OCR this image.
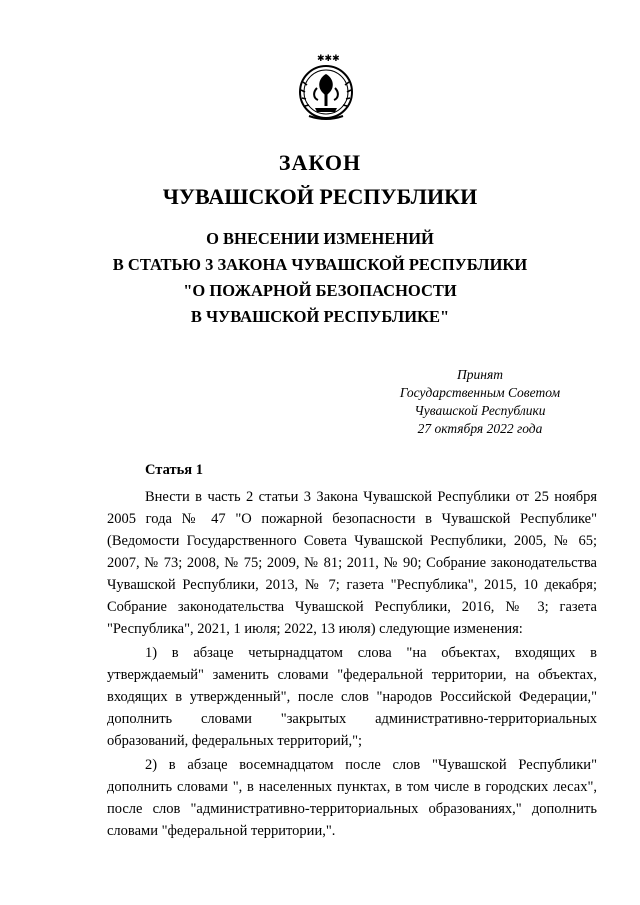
✱✱✱
ЗАКОН
ЧУВАШСКОЙ РЕСПУБЛИКИ
О ВНЕСЕНИИ ИЗМЕНЕНИЙ
В СТАТЬЮ 3 ЗАКОНА ЧУВАШСКОЙ РЕСПУБЛИКИ
"О ПОЖАРНОЙ БЕЗОПАСНОСТИ
В ЧУВАШСКОЙ РЕСПУБЛИКЕ"
Принят
Государственным Советом
Чувашской Республики
27 октября 2022 года
Статья 1

Внести в часть 2 статьи 3 Закона Чувашской Республики от 25 ноября 2005 года № 47 "О пожарной безопасности в Чувашской Республике" (Ведомости Государственного Совета Чувашской Республики, 2005, № 65; 2007, № 73; 2008, № 75; 2009, № 81; 2011, № 90; Собрание законодательства Чувашской Республики, 2013, № 7; газета "Республика", 2015, 10 декабря; Собрание законодательства Чувашской Республики, 2016, № 3; газета "Республика", 2021, 1 июля; 2022, 13 июля) следующие изменения:

1) в абзаце четырнадцатом слова "на объектах, входящих в утверждаемый" заменить словами "федеральной территории, на объектах, входящих в утвержденный", после слов "народов Российской Федерации," дополнить словами "закрытых административно-территориальных образований, федеральных территорий,";

2) в абзаце восемнадцатом после слов "Чувашской Республики" дополнить словами ", в населенных пунктах, в том числе в городских лесах", после слов "административно-территориальных образованиях," дополнить словами "федеральной территории,".
